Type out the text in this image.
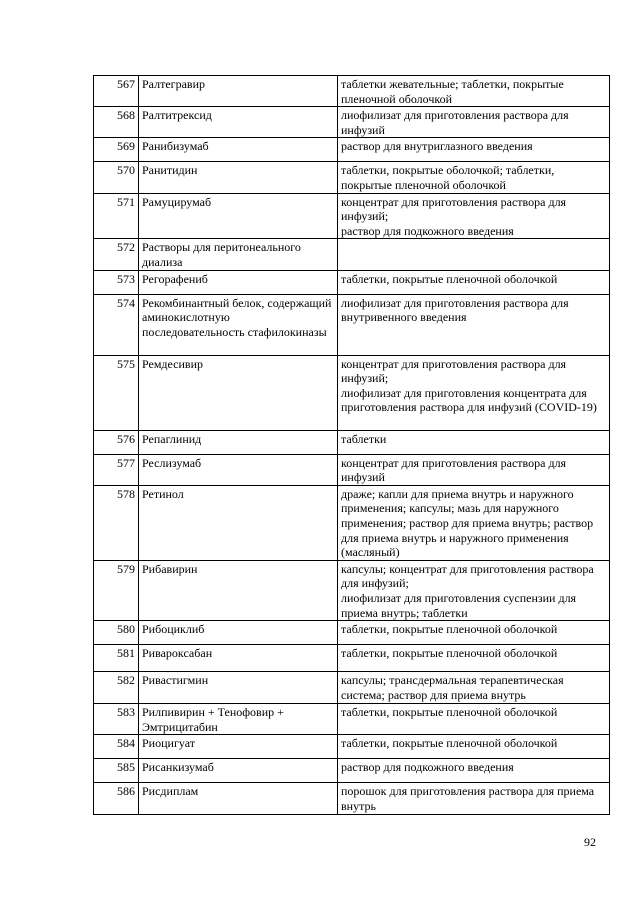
567	Ралтегравир	таблетки жевательные; таблетки, покрытые пленочной оболочкой
568	Ралтитрексид	лиофилизат для приготовления раствора для инфузий
569	Ранибизумаб	раствор для внутриглазного введения
570	Ранитидин	таблетки, покрытые оболочкой; таблетки, покрытые пленочной оболочкой
571	Рамуцирумаб	концентрат для приготовления раствора для инфузий;
раствор для подкожного введения
572	Растворы для перитонеального диализа	
573	Регорафениб	таблетки, покрытые пленочной оболочкой
574	Рекомбинантный белок, содержащий аминокислотную последовательность стафилокиназы	лиофилизат для приготовления раствора для внутривенного введения
575	Ремдесивир	концентрат для приготовления раствора для инфузий;
лиофилизат для приготовления концентрата для приготовления раствора для инфузий (COVID-19)
576	Репаглинид	таблетки
577	Реслизумаб	концентрат для приготовления раствора для инфузий
578	Ретинол	драже; капли для приема внутрь и наружного применения; капсулы; мазь для наружного применения; раствор для приема внутрь; раствор для приема внутрь и наружного применения (масляный)
579	Рибавирин	капсулы; концентрат для приготовления раствора для инфузий;
лиофилизат для приготовления суспензии для приема внутрь; таблетки
580	Рибоциклиб	таблетки, покрытые пленочной оболочкой
581	Ривароксабан	таблетки, покрытые пленочной оболочкой
582	Ривастигмин	капсулы; трансдермальная терапевтическая система; раствор для приема внутрь
583	Рилпивирин + Тенофовир + Эмтрицитабин	таблетки, покрытые пленочной оболочкой
584	Риоцигуат	таблетки, покрытые пленочной оболочкой
585	Рисанкизумаб	раствор для подкожного введения
586	Рисдиплам	порошок для приготовления раствора для приема внутрь
92
